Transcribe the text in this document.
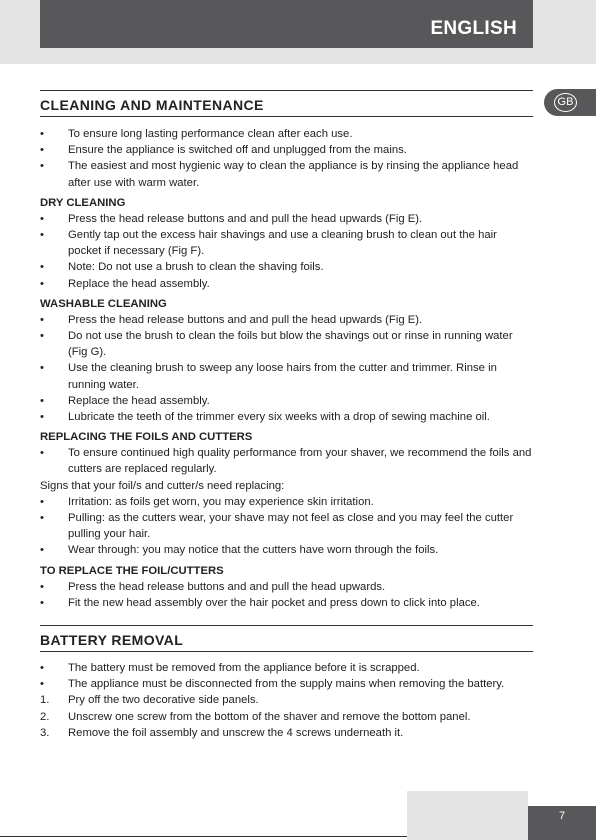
ENGLISH
GB
CLEANING AND MAINTENANCE
• To ensure long lasting performance clean after each use.
• Ensure the appliance is switched off and unplugged from the mains.
• The easiest and most hygienic way to clean the appliance is by rinsing the appliance head after use with warm water.
DRY CLEANING
• Press the head release buttons and and pull the head upwards (Fig E).
• Gently tap out the excess hair shavings and use a cleaning brush to clean out the hair pocket if necessary (Fig F).
• Note: Do not use a brush to clean the shaving foils.
• Replace the head assembly.
WASHABLE CLEANING
• Press the head release buttons and and pull the head upwards (Fig E).
• Do not use the brush to clean the foils but blow the shavings out or rinse in running water (Fig G).
• Use the cleaning brush to sweep any loose hairs from the cutter and trimmer. Rinse in running water.
• Replace the head assembly.
• Lubricate the teeth of the trimmer every six weeks with a drop of sewing machine oil.
REPLACING THE FOILS AND CUTTERS
• To ensure continued high quality performance from your shaver, we recommend the foils and cutters are replaced regularly.
Signs that your foil/s and cutter/s need replacing:
• Irritation: as foils get worn, you may experience skin irritation.
• Pulling: as the cutters wear, your shave may not feel as close and you may feel the cutter pulling your hair.
• Wear through: you may notice that the cutters have worn through the foils.
TO REPLACE THE FOIL/CUTTERS
• Press the head release buttons and and pull the head upwards.
• Fit the new head assembly over the hair pocket and press down to click into place.
BATTERY REMOVAL
• The battery must be removed from the appliance before it is scrapped.
• The appliance must be disconnected from the supply mains when removing the battery.
1. Pry off the two decorative side panels.
2. Unscrew one screw from the bottom of the shaver and remove the bottom panel.
3. Remove the foil assembly and unscrew the 4 screws underneath it.
7
